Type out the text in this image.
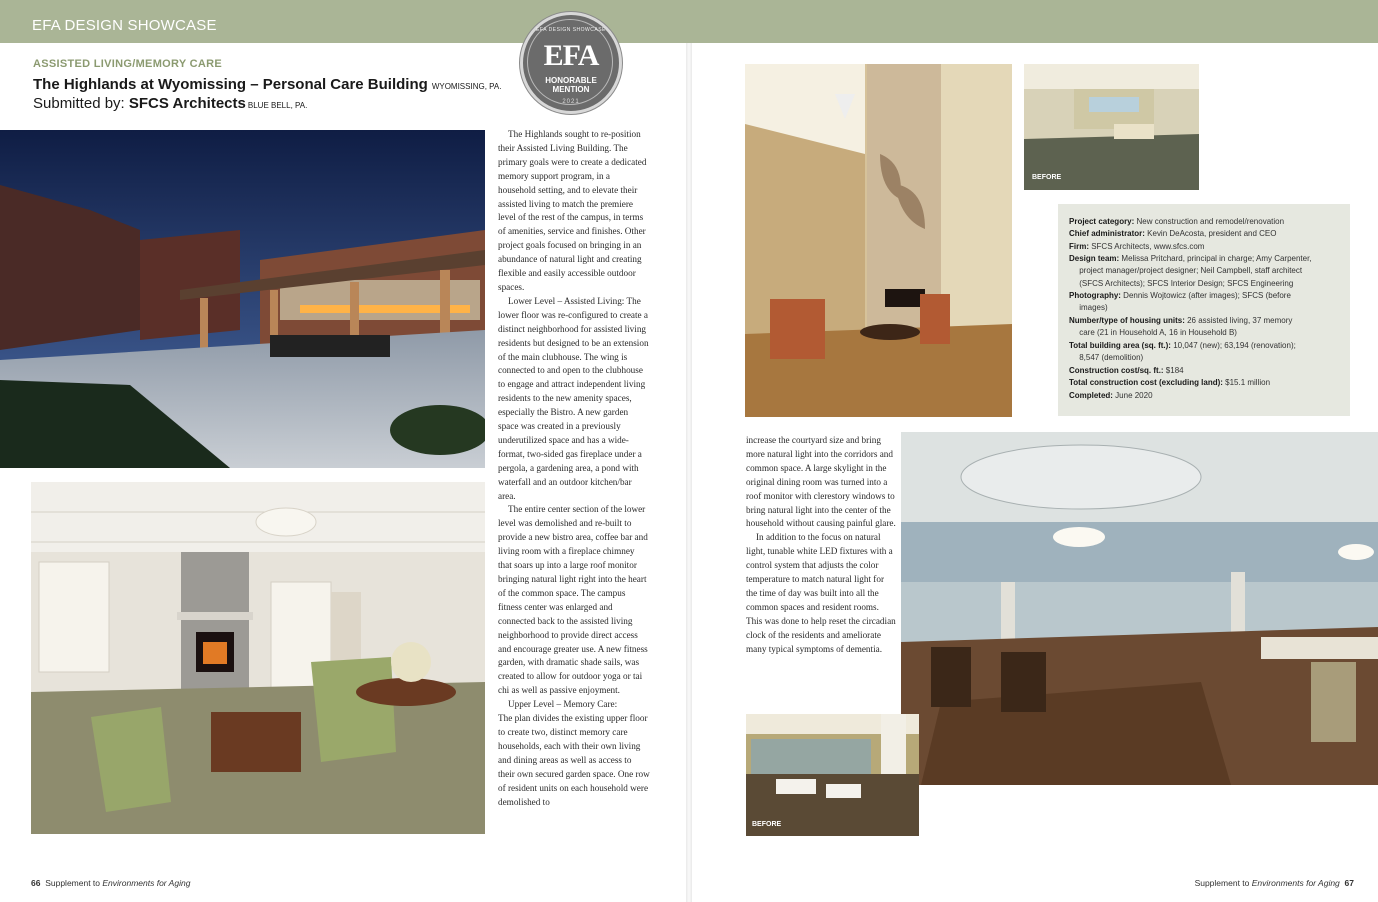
EFA DESIGN SHOWCASE
BEFORE
BEFORE
EFA DESIGN SHOWCASE
EFA
HONORABLE
MENTION
2021
ASSISTED LIVING/MEMORY CARE
The Highlands at Wyomissing – Personal Care Building WYOMISSING, PA.
Submitted by: SFCS Architects BLUE BELL, PA.

The Highlands sought to re-position their Assisted Living Building. The primary goals were to create a dedicated memory support program, in a household setting, and to elevate their assisted living to match the premiere level of the rest of the campus, in terms of amenities, service and finishes. Other project goals focused on bringing in an abundance of natural light and creating flexible and easily accessible outdoor spaces.

Lower Level – Assisted Living: The lower floor was re-configured to create a distinct neighborhood for assisted living residents but designed to be an extension of the main clubhouse. The wing is connected to and open to the clubhouse to engage and attract independent living residents to the new amenity spaces, especially the Bistro. A new garden space was created in a previously underutilized space and has a wide-format, two-sided gas fireplace under a pergola, a gardening area, a pond with waterfall and an outdoor kitchen/bar area.

The entire center section of the lower level was demolished and re-built to provide a new bistro area, coffee bar and living room with a fireplace chimney that soars up into a large roof monitor bringing natural light right into the heart of the common space. The campus fitness center was enlarged and connected back to the assisted living neighborhood to provide direct access and encourage greater use. A new fitness garden, with dramatic shade sails, was created to allow for outdoor yoga or tai chi as well as passive enjoyment.

Upper Level – Memory Care:

The plan divides the existing upper floor to create two, distinct memory care households, each with their own living and dining areas as well as access to their own secured garden space. One row of resident units on each household were demolished to

increase the courtyard size and bring more natural light into the corridors and common space. A large skylight in the original dining room was turned into a roof monitor with clerestory windows to bring natural light into the center of the household without causing painful glare.

In addition to the focus on natural light, tunable white LED fixtures with a control system that adjusts the color temperature to match natural light for the time of day was built into all the common spaces and resident rooms.

This was done to help reset the circadian clock of the residents and ameliorate many typical symptoms of dementia.

Project category: New construction and remodel/renovation
Chief administrator: Kevin DeAcosta, president and CEO
Firm: SFCS Architects, www.sfcs.com
Design team: Melissa Pritchard, principal in charge; Amy Carpenter,
project manager/project designer; Neil Campbell, staff architect
(SFCS Architects); SFCS Interior Design; SFCS Engineering
Photography: Dennis Wojtowicz (after images); SFCS (before
images)
Number/type of housing units: 26 assisted living, 37 memory
care (21 in Household A, 16 in Household B)
Total building area (sq. ft.): 10,047 (new); 63,194 (renovation);
8,547 (demolition)
Construction cost/sq. ft.: $184
Total construction cost (excluding land): $15.1 million
Completed: June 2020
66 Supplement to Environments for Aging	Supplement to Environments for Aging 67
